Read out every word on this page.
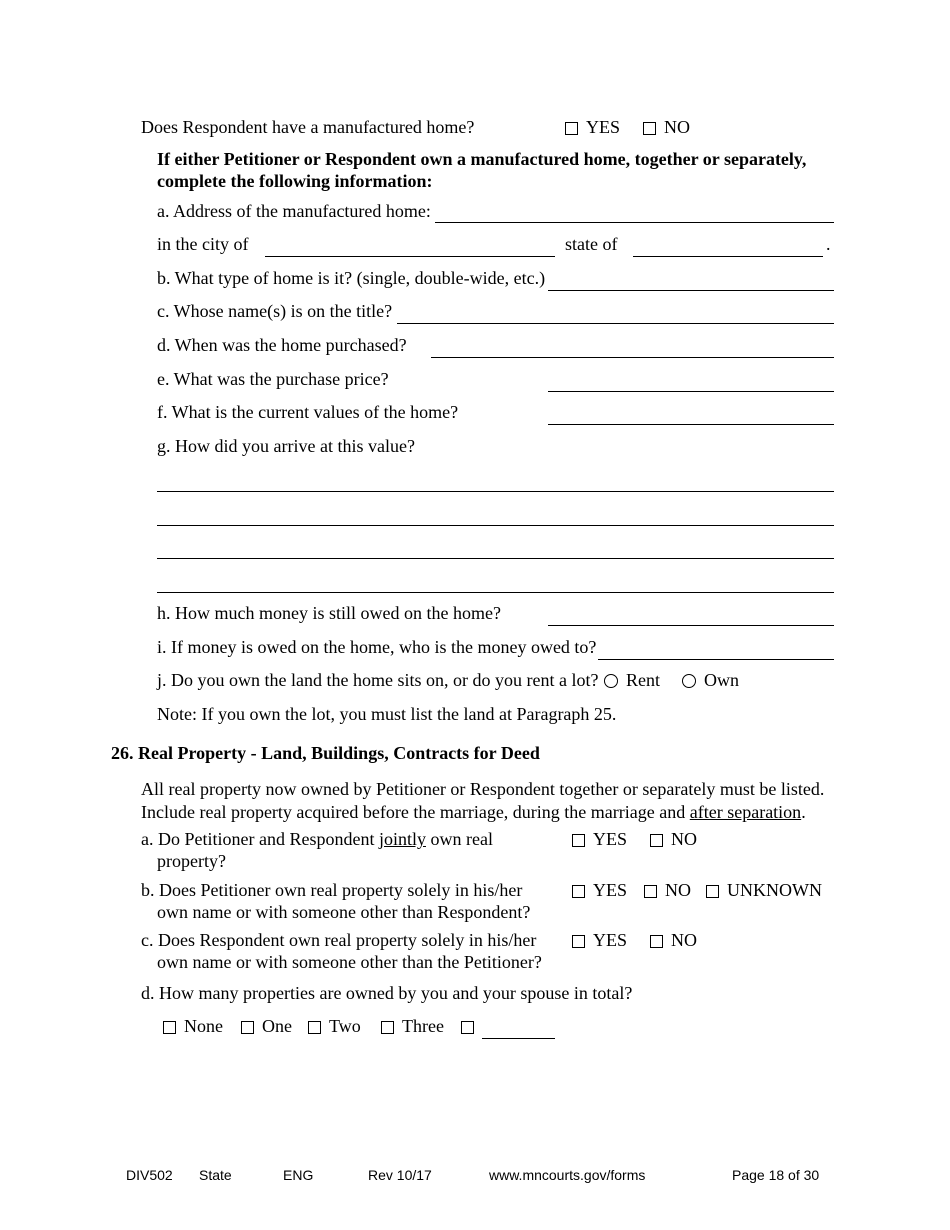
Does Respondent have a manufactured home?	YES NO
If either Petitioner or Respondent own a manufactured home, together or separately,
complete the following information:
a. Address of the manufactured home:
in the city of	state of	.
b. What type of home is it? (single, double-wide, etc.)
c. Whose name(s) is on the title?
d. When was the home purchased?
e. What was the purchase price?
f. What is the current values of the home?
g. How did you arrive at this value?
h. How much money is still owed on the home?
i. If money is owed on the home, who is the money owed to?
j. Do you own the land the home sits on, or do you rent a lot? Rent Own
Note: If you own the lot, you must list the land at Paragraph 25.
26. Real Property - Land, Buildings, Contracts for Deed
All real property now owned by Petitioner or Respondent together or separately must be listed.
Include real property acquired before the marriage, during the marriage and after separation.
a. Do Petitioner and Respondent jointly own real
property?
YES NO
b. Does Petitioner own real property solely in his/her
own name or with someone other than Respondent?
YES NO UNKNOWN
c. Does Respondent own real property solely in his/her
own name or with someone other than the Petitioner?
YES NO
d. How many properties are owned by you and your spouse in total?
None One Two Three
DIV502 State	ENG	Rev 10/17	www.mncourts.gov/forms	Page 18 of 30
